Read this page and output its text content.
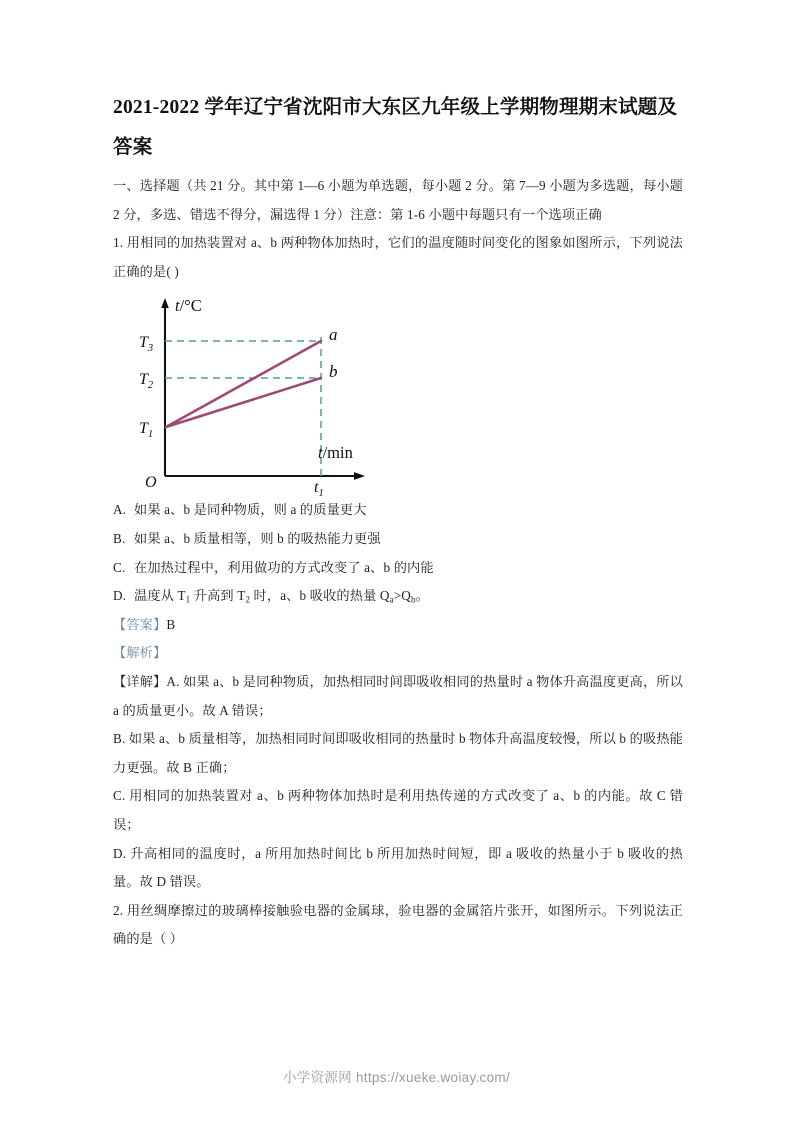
2021-2022 学年辽宁省沈阳市大东区九年级上学期物理期末试题及答案

一、选择题（共 21 分。其中第 1—6 小题为单选题，每小题 2 分。第 7—9 小题为多选题，每小题 2 分，多选、错选不得分，漏选得 1 分）注意：第 1-6 小题中每题只有一个选项正确

1. 用相同的加热装置对 a、b 两种物体加热时，它们的温度随时间变化的图象如图所示，下列说法正确的是( )

t/°C
t/min
O
$T_3$
$T_2$
$T_1$
$t_1$
a
b

A. 如果 a、b 是同种物质，则 a 的质量更大

B. 如果 a、b 质量相等，则 b 的吸热能力更强

C. 在加热过程中，利用做功的方式改变了 a、b 的内能

D. 温度从 $T_1$ 升高到 $T_2$ 时，a、b 吸收的热量 $Q_a>Q_b$。

【答案】B

【解析】

【详解】A. 如果 a、b 是同种物质，加热相同时间即吸收相同的热量时 a 物体升高温度更高，所以 a 的质量更小。故 A 错误；

B. 如果 a、b 质量相等，加热相同时间即吸收相同的热量时 b 物体升高温度较慢，所以 b 的吸热能力更强。故 B 正确；

C. 用相同的加热装置对 a、b 两种物体加热时是利用热传递的方式改变了 a、b 的内能。故 C 错误；

D. 升高相同的温度时，a 所用加热时间比 b 所用加热时间短，即 a 吸收的热量小于 b 吸收的热量。故 D 错误。

2. 用丝绸摩擦过的玻璃棒接触验电器的金属球，验电器的金属箔片张开，如图所示。下列说法正确的是（ ）

小学资源网 https://xueke.woiay.com/
